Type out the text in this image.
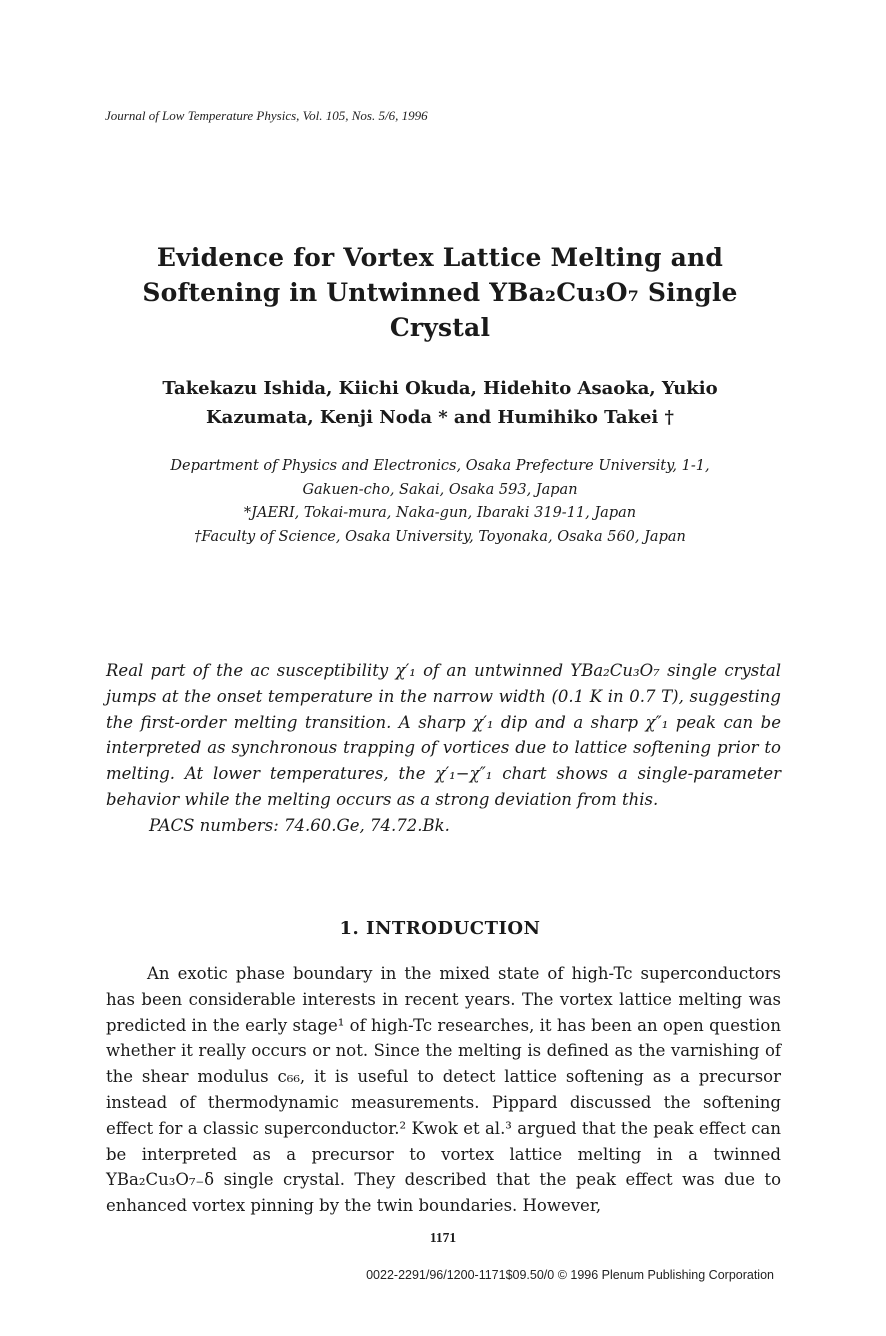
Journal of Low Temperature Physics, Vol. 105, Nos. 5/6, 1996
Evidence for Vortex Lattice Melting and
Softening in Untwinned YBa₂Cu₃O₇ Single
Crystal
Takekazu Ishida, Kiichi Okuda, Hidehito Asaoka, Yukio
Kazumata, Kenji Noda * and Humihiko Takei †
Department of Physics and Electronics, Osaka Prefecture University, 1-1,
Gakuen-cho, Sakai, Osaka 593, Japan
*JAERI, Tokai-mura, Naka-gun, Ibaraki 319-11, Japan
†Faculty of Science, Osaka University, Toyonaka, Osaka 560, Japan
Real part of the ac susceptibility χ′₁ of an untwinned YBa₂Cu₃O₇ single crystal jumps at the onset temperature in the narrow width (0.1 K in 0.7 T), suggesting the first-order melting transition. A sharp χ′₁ dip and a sharp χ″₁ peak can be interpreted as synchronous trapping of vortices due to lattice softening prior to melting. At lower temperatures, the χ′₁−χ″₁ chart shows a single-parameter behavior while the melting occurs as a strong deviation from this.
PACS numbers: 74.60.Ge, 74.72.Bk.
1. INTRODUCTION

An exotic phase boundary in the mixed state of high-Tc superconductors has been considerable interests in recent years. The vortex lattice melting was predicted in the early stage¹ of high-Tc researches, it has been an open question whether it really occurs or not. Since the melting is defined as the varnishing of the shear modulus c₆₆, it is useful to detect lattice softening as a precursor instead of thermodynamic measurements. Pippard discussed the softening effect for a classic superconductor.² Kwok et al.³ argued that the peak effect can be interpreted as a precursor to vortex lattice melting in a twinned YBa₂Cu₃O₇₋δ single crystal. They described that the peak effect was due to enhanced vortex pinning by the twin boundaries. However,

1171
0022-2291/96/1200-1171$09.50/0 © 1996 Plenum Publishing Corporation
